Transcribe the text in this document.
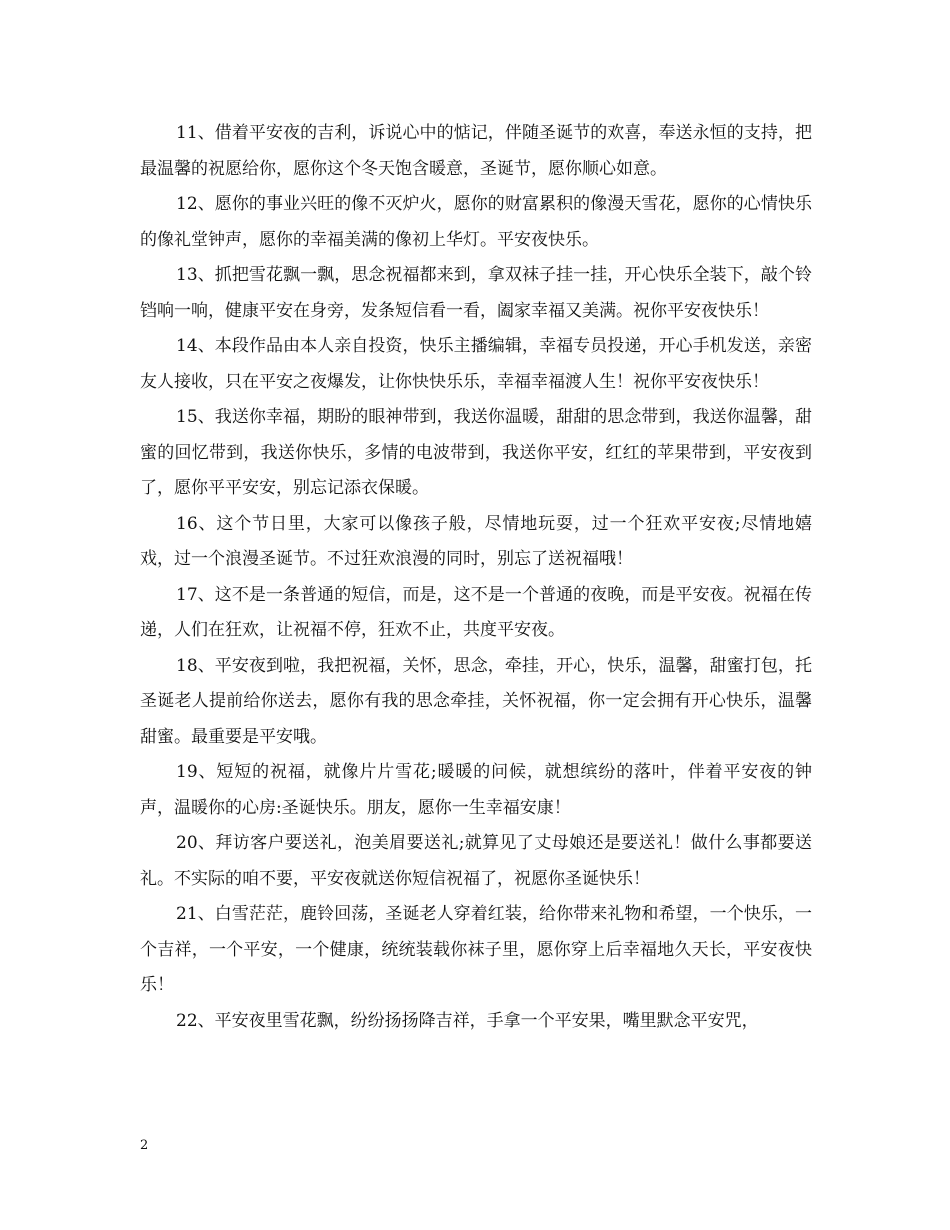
11、借着平安夜的吉利，诉说心中的惦记，伴随圣诞节的欢喜，奉送永恒的支持，把最温馨的祝愿给你，愿你这个冬天饱含暖意，圣诞节，愿你顺心如意。

12、愿你的事业兴旺的像不灭炉火，愿你的财富累积的像漫天雪花，愿你的心情快乐的像礼堂钟声，愿你的幸福美满的像初上华灯。平安夜快乐。

13、抓把雪花飘一飘，思念祝福都来到，拿双袜子挂一挂，开心快乐全装下，敲个铃铛响一响，健康平安在身旁，发条短信看一看，阖家幸福又美满。祝你平安夜快乐！

14、本段作品由本人亲自投资，快乐主播编辑，幸福专员投递，开心手机发送，亲密友人接收，只在平安之夜爆发，让你快快乐乐，幸福幸福渡人生！祝你平安夜快乐！

15、我送你幸福，期盼的眼神带到，我送你温暖，甜甜的思念带到，我送你温馨，甜蜜的回忆带到，我送你快乐，多情的电波带到，我送你平安，红红的苹果带到，平安夜到了，愿你平平安安，别忘记添衣保暖。

16、这个节日里，大家可以像孩子般，尽情地玩耍，过一个狂欢平安夜;尽情地嬉戏，过一个浪漫圣诞节。不过狂欢浪漫的同时，别忘了送祝福哦！

17、这不是一条普通的短信，而是，这不是一个普通的夜晚，而是平安夜。祝福在传递，人们在狂欢，让祝福不停，狂欢不止，共度平安夜。

18、平安夜到啦，我把祝福，关怀，思念，牵挂，开心，快乐，温馨，甜蜜打包，托圣诞老人提前给你送去，愿你有我的思念牵挂，关怀祝福，你一定会拥有开心快乐，温馨甜蜜。最重要是平安哦。

19、短短的祝福，就像片片雪花;暖暖的问候，就想缤纷的落叶，伴着平安夜的钟声，温暖你的心房:圣诞快乐。朋友，愿你一生幸福安康！

20、拜访客户要送礼，泡美眉要送礼;就算见了丈母娘还是要送礼！做什么事都要送礼。不实际的咱不要，平安夜就送你短信祝福了，祝愿你圣诞快乐！

21、白雪茫茫，鹿铃回荡，圣诞老人穿着红装，给你带来礼物和希望，一个快乐，一个吉祥，一个平安，一个健康，统统装载你袜子里，愿你穿上后幸福地久天长，平安夜快乐！

22、平安夜里雪花飘，纷纷扬扬降吉祥，手拿一个平安果，嘴里默念平安咒，

2
